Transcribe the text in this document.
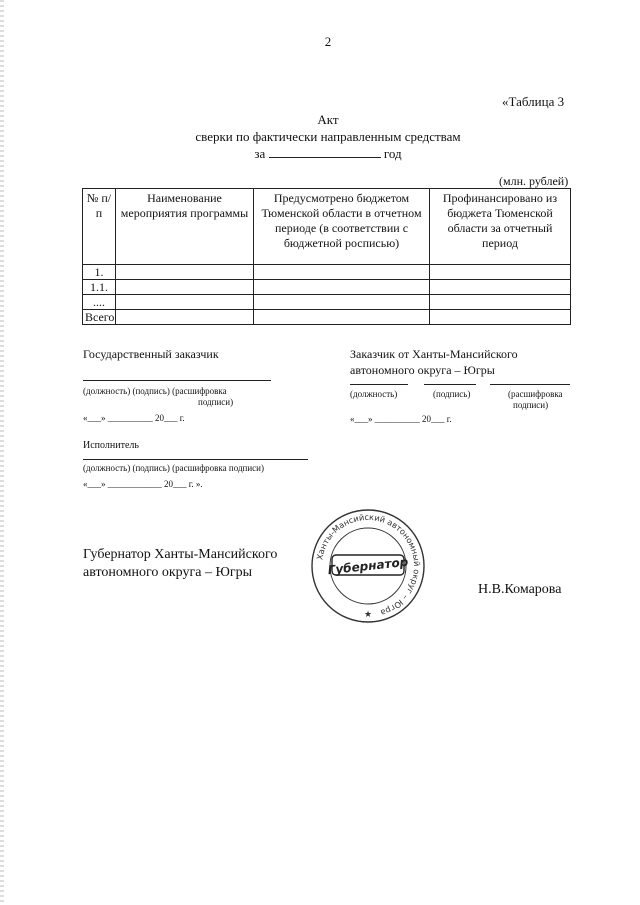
2
«Таблица 3
Акт
сверки по фактически направленным средствам
за	год
(млн. рублей)
№ п/п	Наименование мероприятия программы	Предусмотрено бюджетом Тюменской области в отчетном периоде (в соответствии с бюджетной росписью)	Профинансировано из бюджета Тюменской области за отчетный период
1.			
1.1.			
....			
Всего			
Государственный заказчик
(должность) (подпись) (расшифровка
подписи)
«___» __________ 20___ г.
Заказчик от Ханты-Мансийского
автономного округа – Югры
(должность)	(подпись)	(расшифровка
подписи)
«___» __________ 20___ г.
Исполнитель
(должность) (подпись) (расшифровка подписи)
«___» ____________ 20___ г. ».
Губернатор Ханты-Мансийского автономного округа – Югры
Н.В.Комарова
Ханты-Мансийский автономный округ – Югра
Губернатор
★
